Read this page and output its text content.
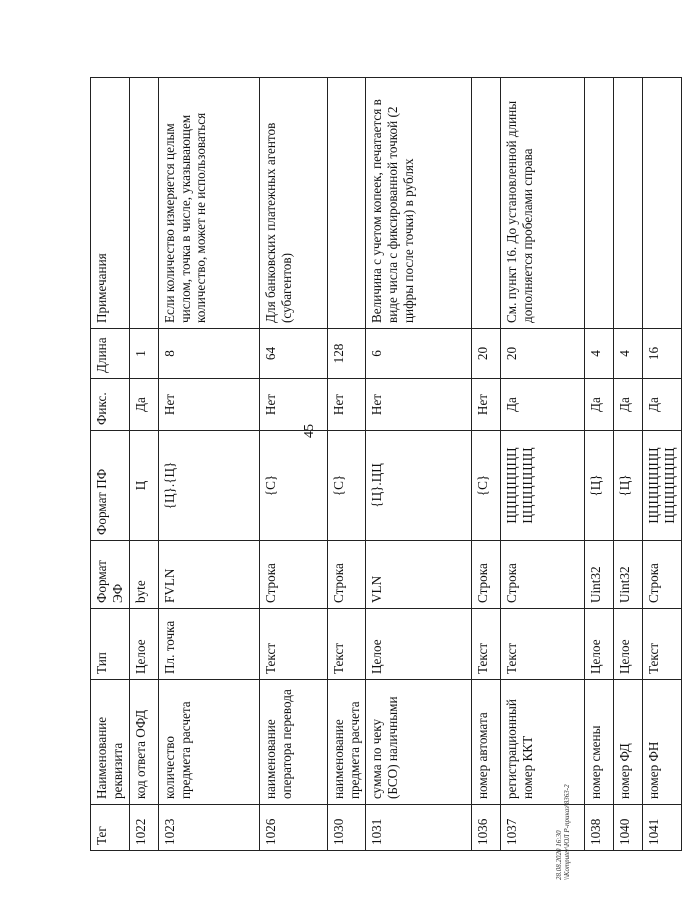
45
Тег	Наименование реквизита	Тип	Формат ЭФ	Формат ПФ	Фикс.	Длина	Примечания

1022	код ответа ОФД	Целое	byte	Ц	Да	1	

1023	количество предмета расчета	Пл. точка	FVLN	{Ц}.{Ц}	Нет	8	Если количество измеряется целым числом, точка в числе, указывающем количество, может не использоваться

1026	наименование оператора перевода	Текст	Строка	{С}	Нет	64	Для банковских платежных агентов (субагентов)

1030	наименование предмета расчета	Текст	Строка	{С}	Нет	128	

1031	сумма по чеку (БСО) наличными	Целое	VLN	{Ц}.ЦЦ	Нет	6	Величина с учетом копеек, печатается в виде числа с фиксированной точкой (2 цифры после точки) в рублях

1036	номер автомата	Текст	Строка	{С}	Нет	20	

1037	регистрационный номер ККТ	Текст	Строка	ЦЦЦЦЦЦЦЦ
ЦЦЦЦЦЦЦЦ	Да	20	См. пункт 16. До установленной длины дополняется пробелами справа

1038	номер смены	Целое	Uint32	{Ц}	Да	4	

1040	номер ФД	Целое	Uint32	{Ц}	Да	4	

1041	номер ФН	Текст	Строка	ЦЦЦЦЦЦЦЦ
ЦЦЦЦЦЦЦЦ	Да	16	

28.08.2020 16:30 \\Komputer\ЮЛ Р-приказ\8363-2
